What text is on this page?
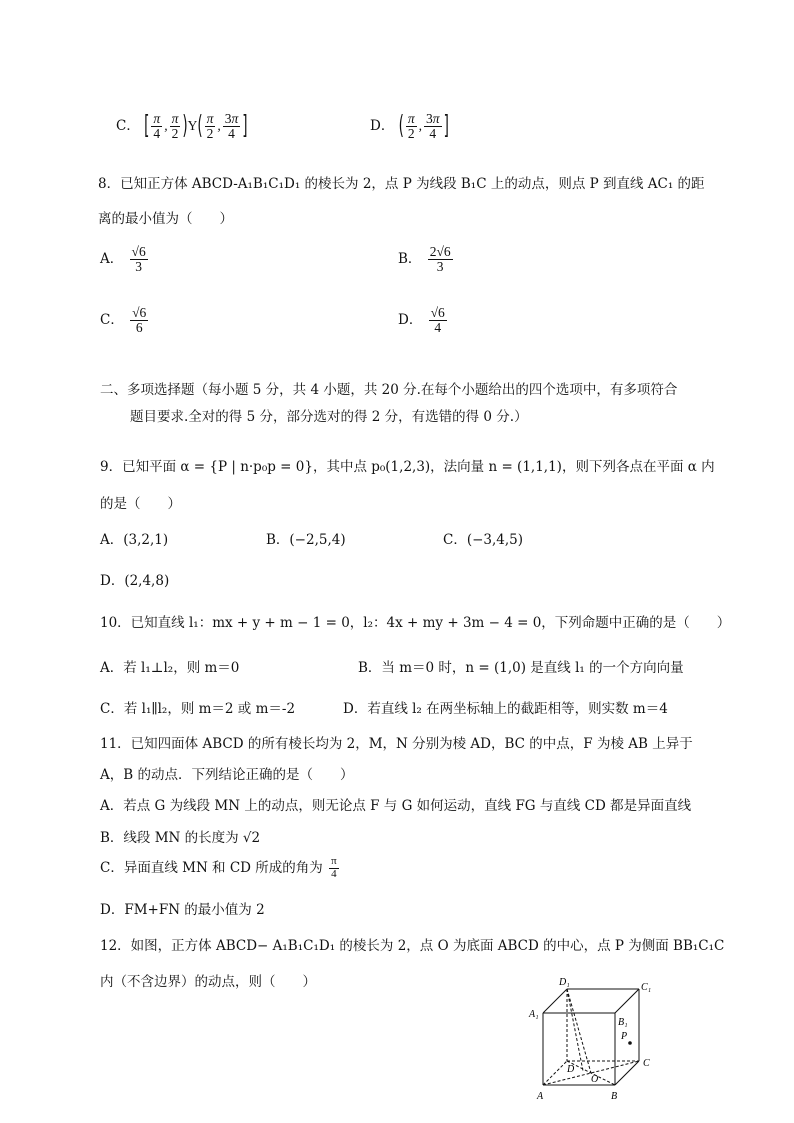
C． [ $\frac{\pi}{4}$ , $\frac{\pi}{2} )Y( \frac{\pi}{2}$ , $\frac{3\pi}{4}$ ]	D． ( $\frac{\pi}{2}$ , $\frac{3\pi}{4}$ ]
8．已知正方体 ABCD-A₁B₁C₁D₁ 的棱长为 2，点 P 为线段 B₁C 上的动点，则点 P 到直线 AC₁ 的距
离的最小值为（　　）
A． $\frac{√6}{3}$	B． $\frac{2√6}{3}$
C． $\frac{√6}{6}$	D． $\frac{√6}{4}$
二、多项选择题（每小题 5 分，共 4 小题，共 20 分.在每个小题给出的四个选项中，有多项符合
题目要求.全对的得 5 分，部分选对的得 2 分，有选错的得 0 分.）
9．已知平面 α = {P | n·p₀p = 0}，其中点 p₀(1,2,3)，法向量 n = (1,1,1)，则下列各点在平面 α 内
的是（　　）
A．(3,2,1)	B．(−2,5,4)	C．(−3,4,5)
D．(2,4,8)
10．已知直线 l₁：mx + y + m − 1 = 0，l₂：4x + my + 3m − 4 = 0，下列命题中正确的是（　　）
A．若 l₁⊥l₂，则 m＝0	B．当 m＝0 时，n = (1,0) 是直线 l₁ 的一个方向向量
C．若 l₁∥l₂，则 m＝2 或 m＝-2	D．若直线 l₂ 在两坐标轴上的截距相等，则实数 m＝4
11．已知四面体 ABCD 的所有棱长均为 2，M，N 分别为棱 AD，BC 的中点，F 为棱 AB 上异于
A，B 的动点．下列结论正确的是（　　）
A．若点 G 为线段 MN 上的动点，则无论点 F 与 G 如何运动，直线 FG 与直线 CD 都是异面直线
B．线段 MN 的长度为 √2
C．异面直线 MN 和 CD 所成的角为 $\frac{\pi}{4}$
D．FM+FN 的最小值为 2
12．如图，正方体 ABCD− A₁B₁C₁D₁ 的棱长为 2，点 O 为底面 ABCD 的中心，点 P 为侧面 BB₁C₁C
内（不含边界）的动点，则（　　）
A₁
D₁	C₁
B₁
P
D
O
C
A	B
